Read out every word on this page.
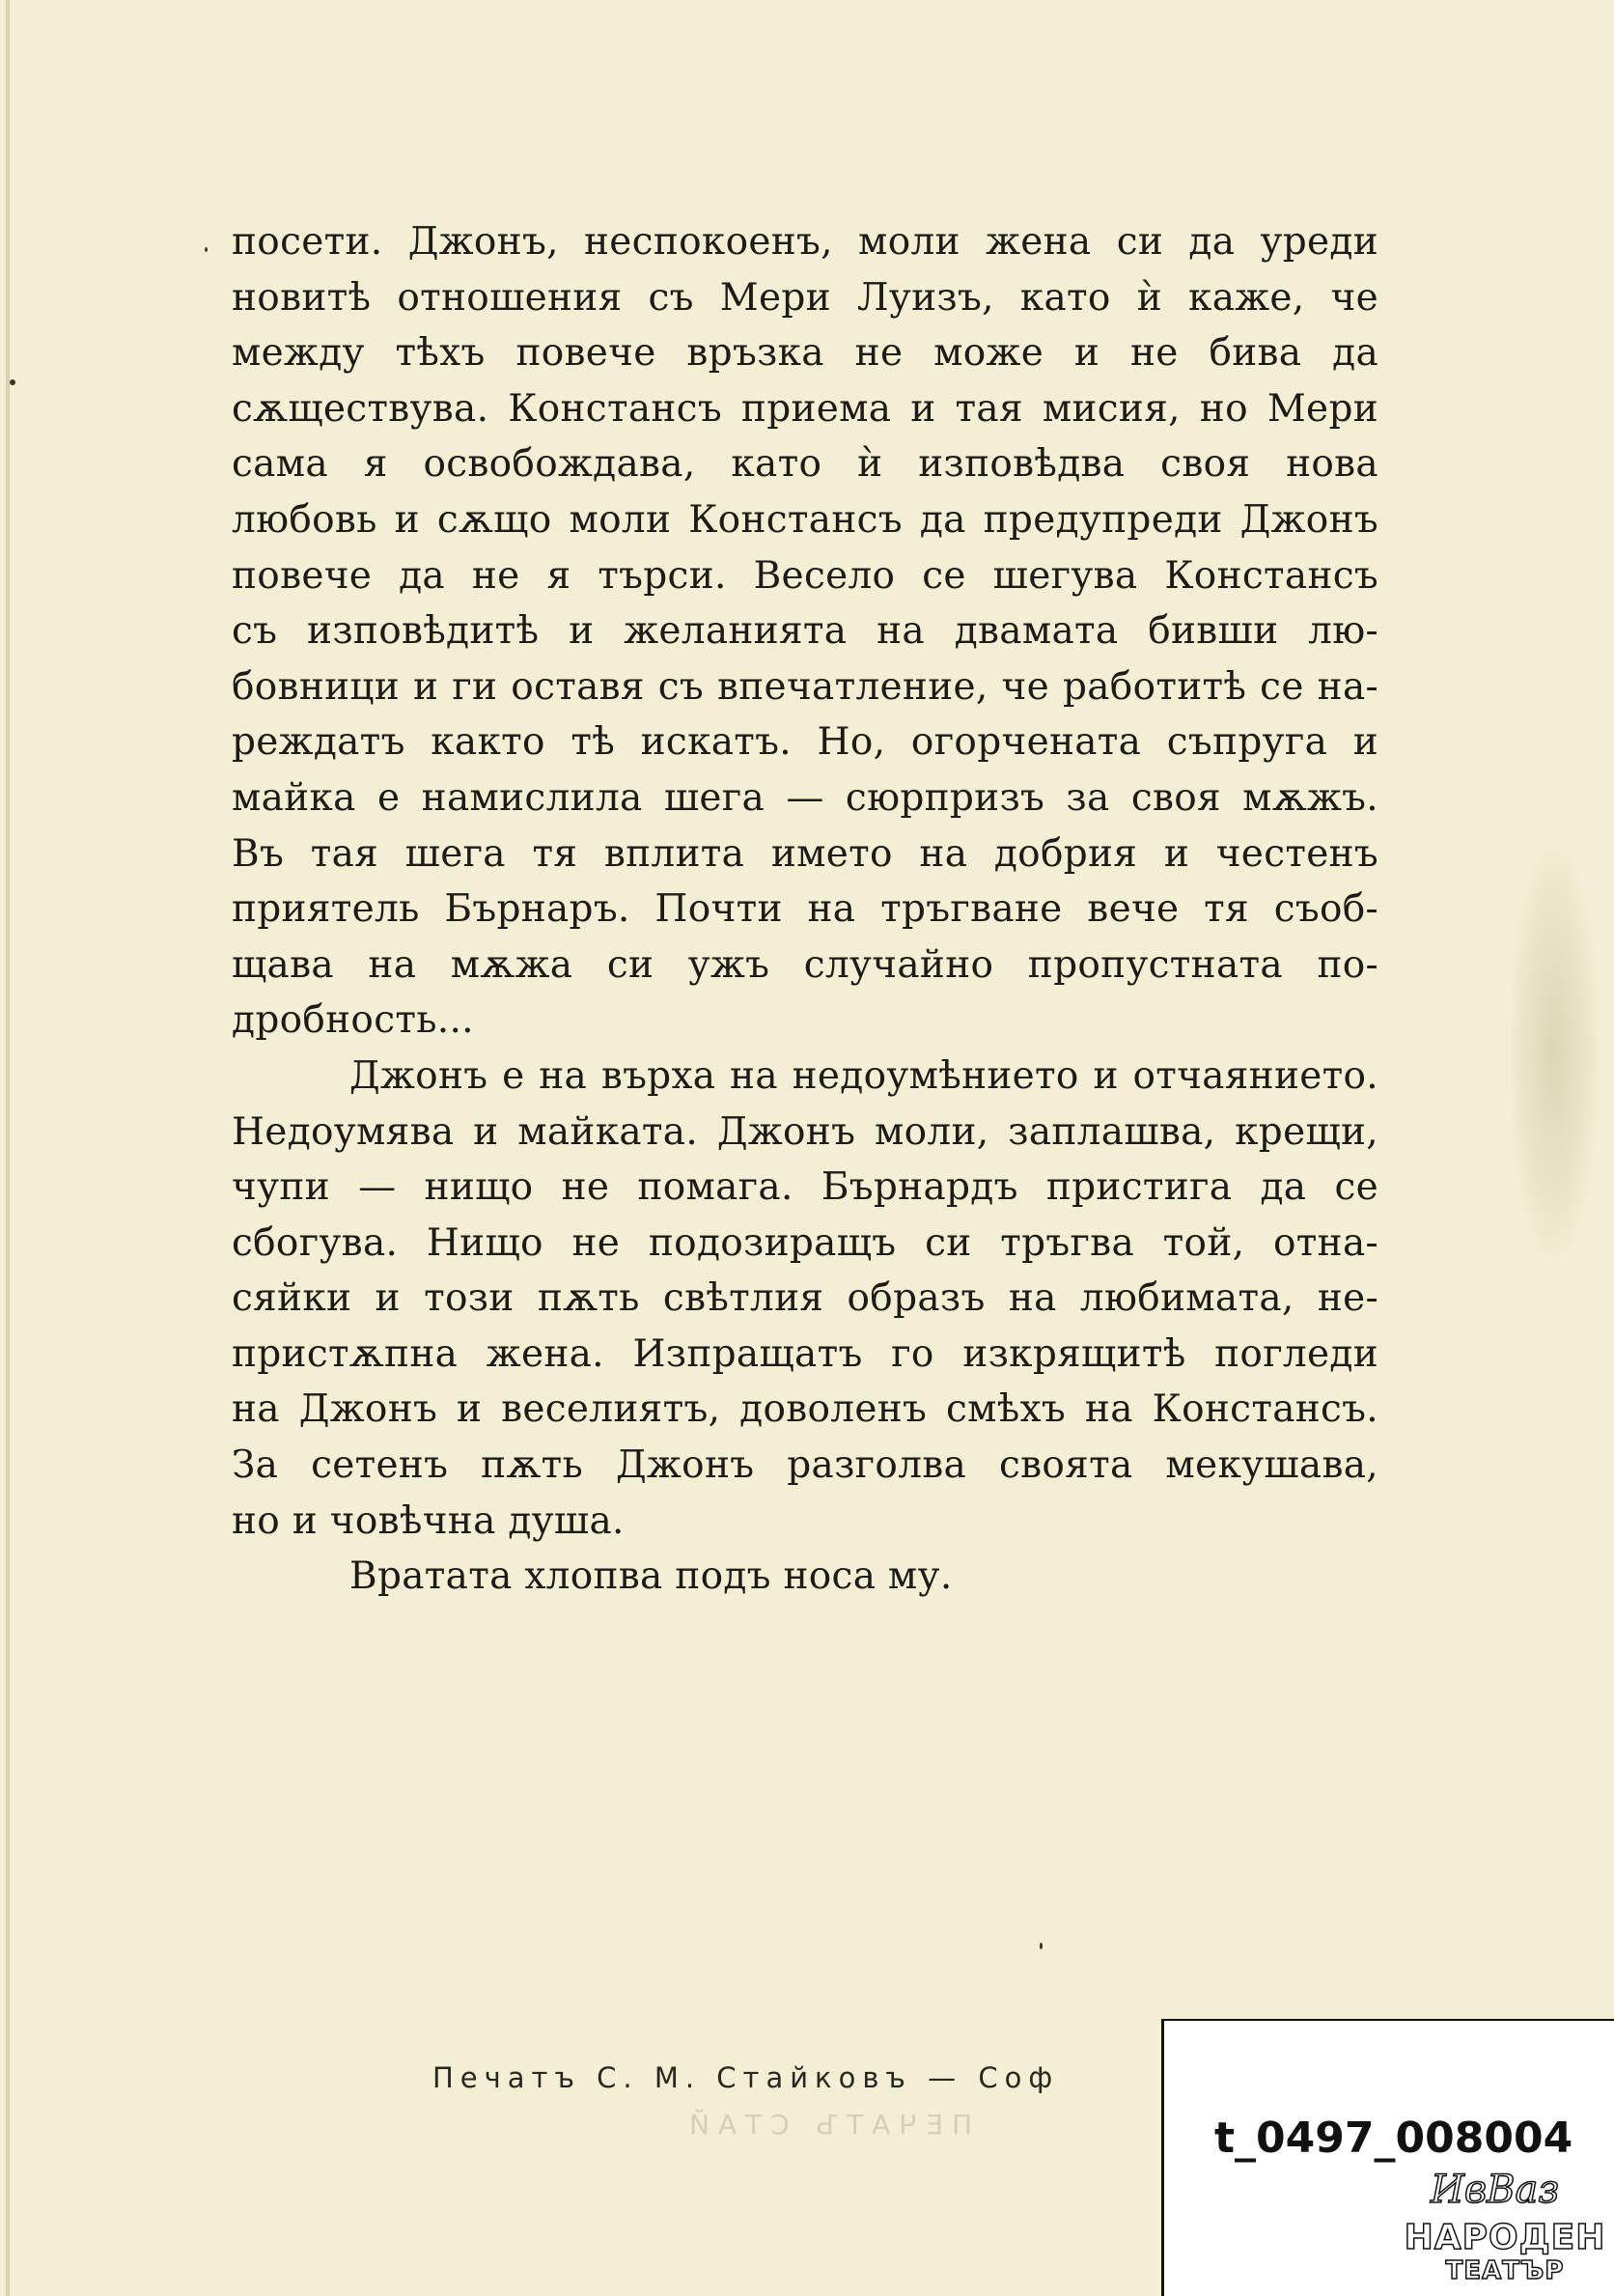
посети. Джонъ, неспокоенъ, моли жена си да уреди
новитѣ отношения съ Мери Луизъ, като ѝ каже, че
между тѣхъ повече връзка не може и не бива да
сѫществува. Констансъ приема и тая мисия, но Мери
сама я освобождава, като ѝ изповѣдва своя нова
любовь и сѫщо моли Констансъ да предупреди Джонъ
повече да не я търси. Весело се шегува Констансъ
съ изповѣдитѣ и желанията на двамата бивши лю-
бовници и ги оставя съ впечатление, че работитѣ се на-
реждатъ както тѣ искатъ. Но, огорчената съпруга и
майка е намислила шега — сюрпризъ за своя мѫжъ.
Въ тая шега тя вплита името на добрия и честенъ
приятель Бърнаръ. Почти на тръгване вече тя съоб-
щава на мѫжа си ужъ случайно пропустната по-
дробность...
Джонъ е на върха на недоумѣнието и отчаянието.
Недоумява и майката. Джонъ моли, заплашва, крещи,
чупи — нищо не помага. Бърнардъ пристига да се
сбогува. Нищо не подозиращъ си тръгва той, отна-
сяйки и този пѫть свѣтлия образъ на любимата, не-
пристѫпна жена. Изпращатъ го изкрящитѣ погледи
на Джонъ и веселиятъ, доволенъ смѣхъ на Констансъ.
За сетенъ пѫть Джонъ разголва своята мекушава,
но и човѣчна душа.
Вратата хлопва подъ носа му.
Печатъ С. М. Стайковъ — Соф
ПЕЧАТЪ СТАЙ	t_0497_008004
ИвВаз
НАРОДЕН
ТЕАТЪР
